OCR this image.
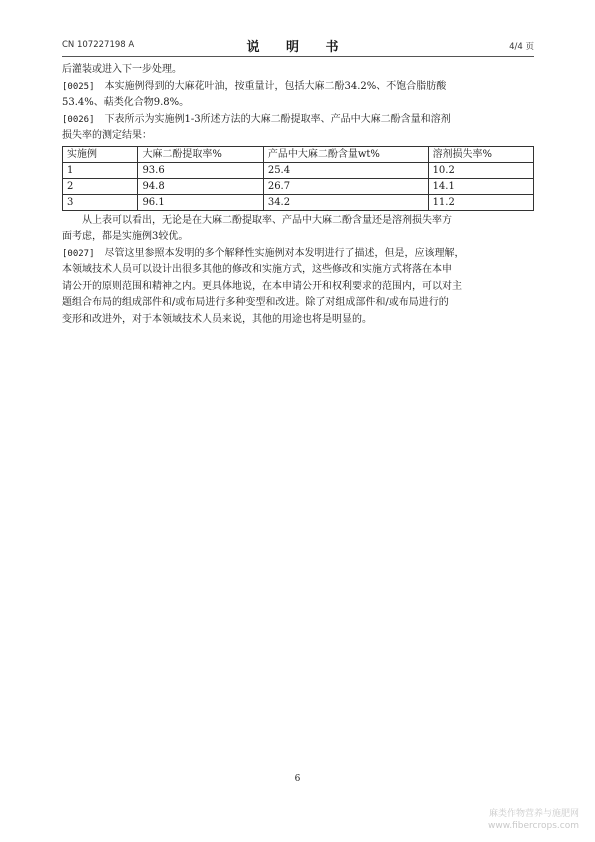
CN 107227198 A	说 明 书	4/4 页
后灌装或进入下一步处理。
[0025] 本实施例得到的大麻花叶油，按重量计，包括大麻二酚34.2%、不饱合脂肪酸
53.4%、萜类化合物9.8%。
[0026] 下表所示为实施例1-3所述方法的大麻二酚提取率、产品中大麻二酚含量和溶剂
损失率的测定结果：
实施例	大麻二酚提取率%	产品中大麻二酚含量wt%	溶剂损失率%
1	93.6	25.4	10.2
2	94.8	26.7	14.1
3	96.1	34.2	11.2
从上表可以看出，无论是在大麻二酚提取率、产品中大麻二酚含量还是溶剂损失率方
面考虑，都是实施例3较优。
[0027] 尽管这里参照本发明的多个解释性实施例对本发明进行了描述，但是，应该理解，
本领域技术人员可以设计出很多其他的修改和实施方式，这些修改和实施方式将落在本申
请公开的原则范围和精神之内。更具体地说，在本申请公开和权利要求的范围内，可以对主
题组合布局的组成部件和/或布局进行多种变型和改进。除了对组成部件和/或布局进行的
变形和改进外，对于本领域技术人员来说，其他的用途也将是明显的。
6
麻类作物营养与施肥网
www.fibercrops.com
